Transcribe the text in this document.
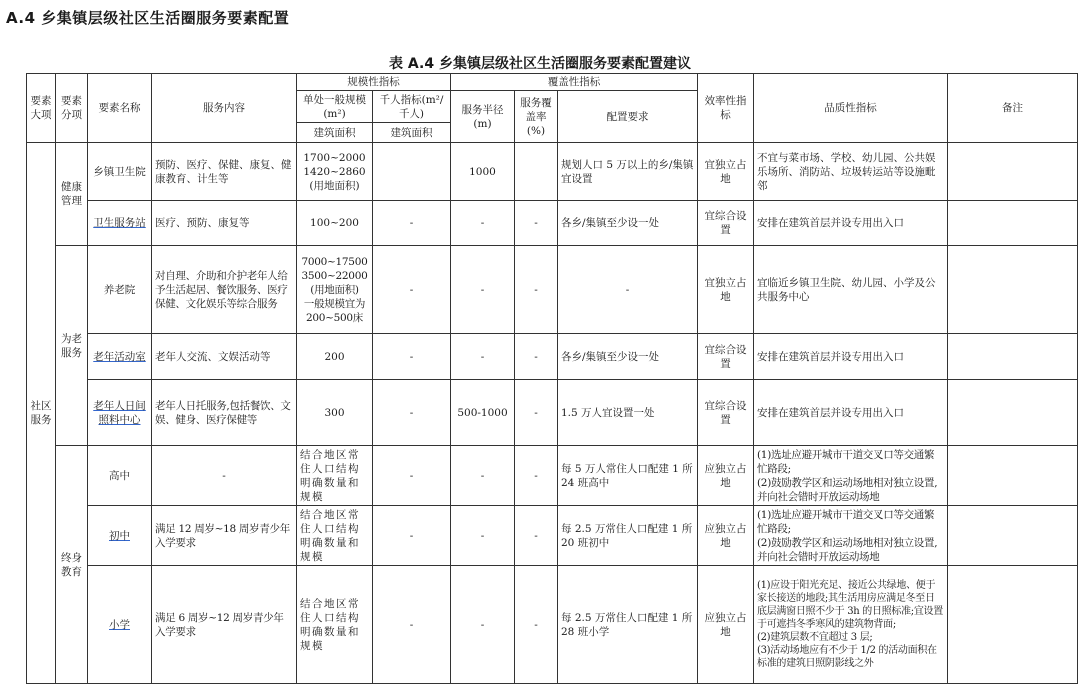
A.4 乡集镇层级社区生活圈服务要素配置
表 A.4 乡集镇层级社区生活圈服务要素配置建议
要素大项	要素分项	要素名称	服务内容	规模性指标		覆盖性指标			效率性指标	品质性指标	备注
				单处一般规模(m²)	千人指标(m²/千人)	服务半径(m)	服务覆盖率(%)	配置要求			
				建筑面积	建筑面积						
社区服务	健康管理	乡镇卫生院	预防、医疗、保健、康复、健康教育、计生等	1700~2000
1420~2860
(用地面积)		1000		规划人口 5 万以上的乡/集镇宜设置	宜独立占地	不宜与菜市场、学校、幼儿园、公共娱乐场所、消防站、垃圾转运站等设施毗邻	
		卫生服务站	医疗、预防、康复等	100~200	-	-	-	各乡/集镇至少设一处	宜综合设置	安排在建筑首层并设专用出入口	
	为老服务	养老院	对自理、介助和介护老年人给予生活起居、餐饮服务、医疗保健、文化娱乐等综合服务	7000~17500
3500~22000
(用地面积)
一般规模宜为200~500床	-	-	-	-	宜独立占地	宜临近乡镇卫生院、幼儿园、小学及公共服务中心	
		老年活动室	老年人交流、文娱活动等	200	-	-	-	各乡/集镇至少设一处	宜综合设置	安排在建筑首层并设专用出入口	
		老年人日间照料中心	老年人日托服务,包括餐饮、文娱、健身、医疗保健等	300	-	500-1000	-	1.5 万人宜设置一处	宜综合设置	安排在建筑首层并设专用出入口	
	终身教育	高中	-	结合地区常住人口结构明确数量和规模	-	-	-	每 5 万人常住人口配建 1 所 24 班高中	应独立占地	(1)选址应避开城市干道交叉口等交通繁忙路段;
(2)鼓励教学区和运动场地相对独立设置,并向社会错时开放运动场地	
		初中	满足 12 周岁~18 周岁青少年入学要求	结合地区常住人口结构明确数量和规模	-	-	-	每 2.5 万常住人口配建 1 所 20 班初中	应独立占地	(1)选址应避开城市干道交叉口等交通繁忙路段;
(2)鼓励教学区和运动场地相对独立设置,并向社会错时开放运动场地	
		小学	满足 6 周岁~12 周岁青少年入学要求	结合地区常住人口结构明确数量和规模	-	-	-	每 2.5 万常住人口配建 1 所 28 班小学	应独立占地	(1)应设于阳光充足、接近公共绿地、便于家长接送的地段;其生活用房应满足冬至日底层满窗日照不少于 3h 的日照标准;宜设置于可遮挡冬季寒风的建筑物背面;
(2)建筑层数不宜超过 3 层;
(3)活动场地应有不少于 1/2 的活动面积在标准的建筑日照阴影线之外	
